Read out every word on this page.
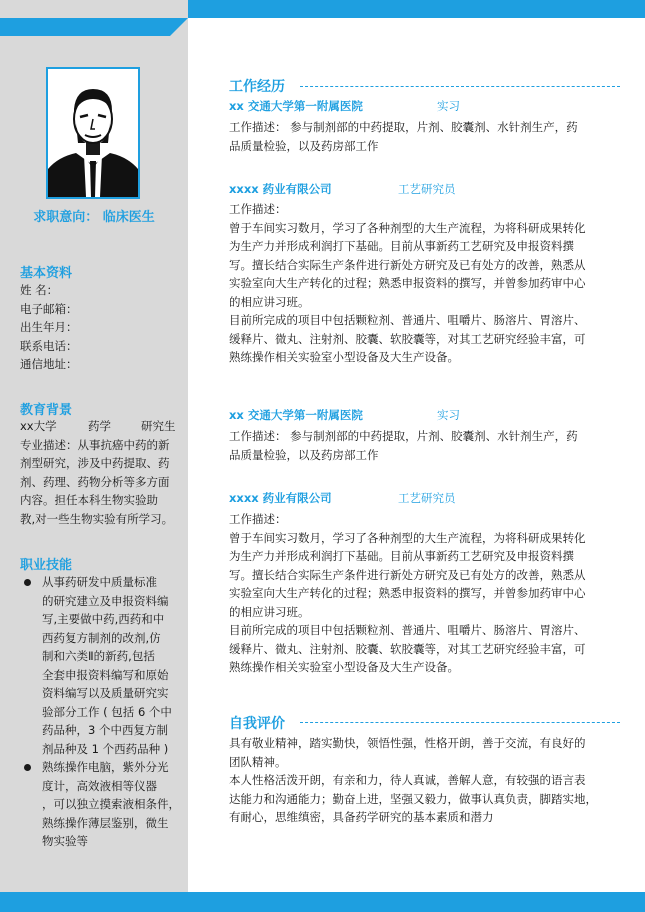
求职意向： 临床医生
基本资料
姓 名：
电子邮箱：
出生年月：
联系电话：
通信地址：
教育背景
xx大学	药学	研究生
专业描述：从事抗癌中药的新
剂型研究，涉及中药提取、药
剂、药理、药物分析等多方面
内容。担任本科生物实验助
教,对一些生物实验有所学习。
职业技能
从事药研发中质量标准
的研究建立及申报资料编
写,主要做中药,西药和中
西药复方制剂的改剂,仿
制和六类Ⅱ的新药,包括
全套申报资料编写和原始
资料编写以及质量研究实
验部分工作 ( 包括 6 个中
药品种，3 个中西复方制
剂品种及 1 个西药品种 )
熟练操作电脑，紫外分光
度计，高效液相等仪器
，可以独立摸索液相条件，
熟练操作薄层鉴别，微生
物实验等
工作经历
xx 交通大学第一附属医院	实习

工作描述： 参与制剂部的中药提取，片剂、胶囊剂、水针剂生产，药

品质量检验，以及药房部工作

xxxx 药业有限公司	工艺研究员

工作描述：

曾于车间实习数月，学习了各种剂型的大生产流程，为将科研成果转化

为生产力并形成利润打下基础。目前从事新药工艺研究及申报资料撰

写。擅长结合实际生产条件进行新处方研究及已有处方的改善，熟悉从

实验室向大生产转化的过程；熟悉申报资料的撰写，并曾参加药审中心

的相应讲习班。

目前所完成的项目中包括颗粒剂、普通片、咀嚼片、肠溶片、胃溶片、

缓释片、微丸、注射剂、胶囊、软胶囊等，对其工艺研究经验丰富，可

熟练操作相关实验室小型设备及大生产设备。

xx 交通大学第一附属医院	实习

工作描述： 参与制剂部的中药提取，片剂、胶囊剂、水针剂生产，药

品质量检验，以及药房部工作

xxxx 药业有限公司	工艺研究员

工作描述：

曾于车间实习数月，学习了各种剂型的大生产流程，为将科研成果转化

为生产力并形成利润打下基础。目前从事新药工艺研究及申报资料撰

写。擅长结合实际生产条件进行新处方研究及已有处方的改善，熟悉从

实验室向大生产转化的过程；熟悉申报资料的撰写，并曾参加药审中心

的相应讲习班。

目前所完成的项目中包括颗粒剂、普通片、咀嚼片、肠溶片、胃溶片、

缓释片、微丸、注射剂、胶囊、软胶囊等，对其工艺研究经验丰富，可

熟练操作相关实验室小型设备及大生产设备。

自我评价

具有敬业精神，踏实勤快，领悟性强，性格开朗，善于交流，有良好的

团队精神。

本人性格活泼开朗，有亲和力，待人真诚，善解人意，有较强的语言表

达能力和沟通能力；勤奋上进，坚强又毅力，做事认真负责，脚踏实地，

有耐心，思维缜密，具备药学研究的基本素质和潜力
